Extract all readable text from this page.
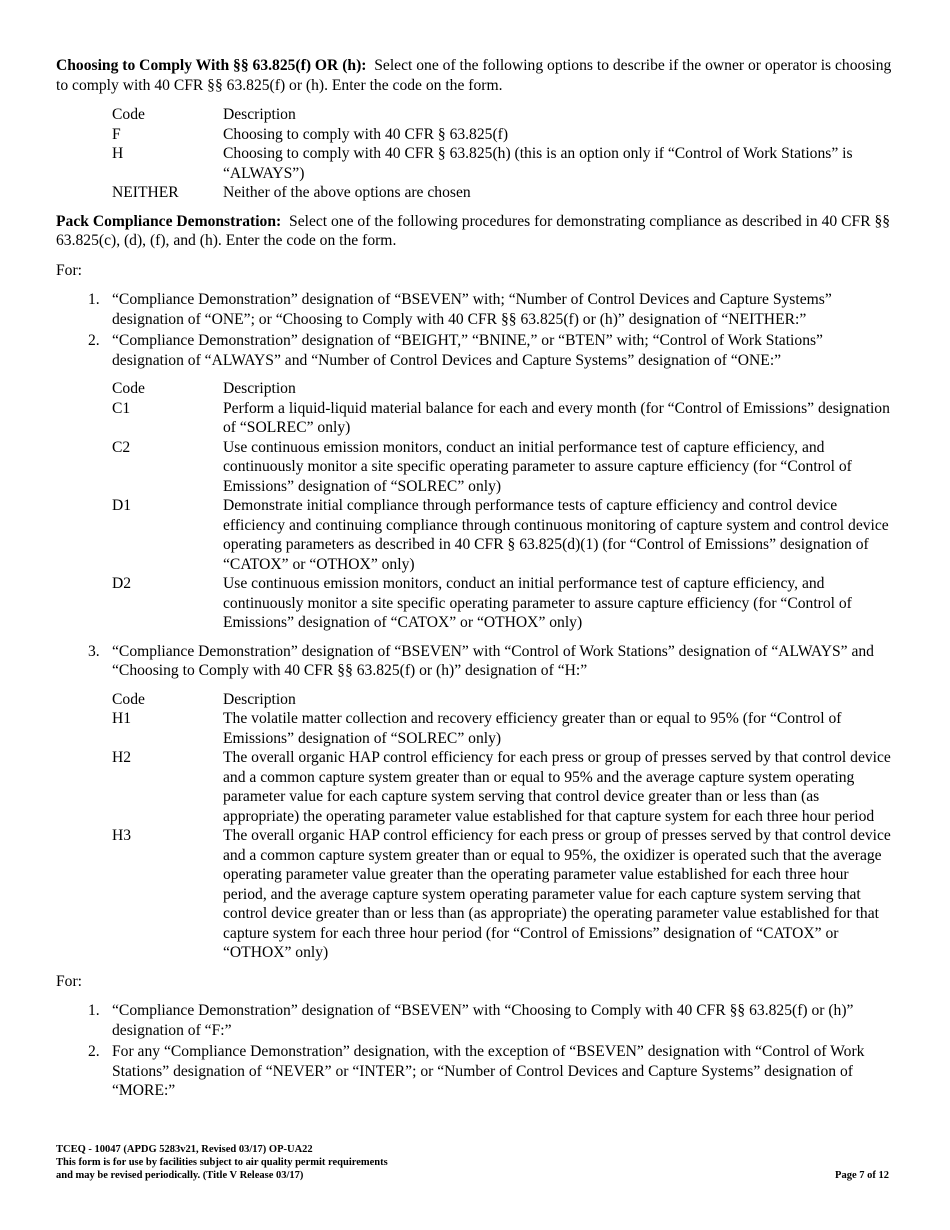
Choosing to Comply With §§ 63.825(f) OR (h): Select one of the following options to describe if the owner or operator is choosing to comply with 40 CFR §§ 63.825(f) or (h). Enter the code on the form.

Code	Description
F	Choosing to comply with 40 CFR § 63.825(f)
H	Choosing to comply with 40 CFR § 63.825(h) (this is an option only if “Control of Work Stations” is “ALWAYS”)
NEITHER	Neither of the above options are chosen

Pack Compliance Demonstration: Select one of the following procedures for demonstrating compliance as described in 40 CFR §§ 63.825(c), (d), (f), and (h). Enter the code on the form.

For:

1. “Compliance Demonstration” designation of “BSEVEN” with; “Number of Control Devices and Capture Systems” designation of “ONE”; or “Choosing to Comply with 40 CFR §§ 63.825(f) or (h)” designation of “NEITHER:”
2. “Compliance Demonstration” designation of “BEIGHT,” “BNINE,” or “BTEN” with; “Control of Work Stations” designation of “ALWAYS” and “Number of Control Devices and Capture Systems” designation of “ONE:”
Code	Description
C1	Perform a liquid-liquid material balance for each and every month (for “Control of Emissions” designation of “SOLREC” only)
C2	Use continuous emission monitors, conduct an initial performance test of capture efficiency, and continuously monitor a site specific operating parameter to assure capture efficiency (for “Control of Emissions” designation of “SOLREC” only)
D1	Demonstrate initial compliance through performance tests of capture efficiency and control device efficiency and continuing compliance through continuous monitoring of capture system and control device operating parameters as described in 40 CFR § 63.825(d)(1) (for “Control of Emissions” designation of “CATOX” or “OTHOX” only)
D2	Use continuous emission monitors, conduct an initial performance test of capture efficiency, and continuously monitor a site specific operating parameter to assure capture efficiency (for “Control of Emissions” designation of “CATOX” or “OTHOX” only)
3. “Compliance Demonstration” designation of “BSEVEN” with “Control of Work Stations” designation of “ALWAYS” and “Choosing to Comply with 40 CFR §§ 63.825(f) or (h)” designation of “H:”
Code	Description
H1	The volatile matter collection and recovery efficiency greater than or equal to 95% (for “Control of Emissions” designation of “SOLREC” only)
H2	The overall organic HAP control efficiency for each press or group of presses served by that control device and a common capture system greater than or equal to 95% and the average capture system operating parameter value for each capture system serving that control device greater than or less than (as appropriate) the operating parameter value established for that capture system for each three hour period
H3	The overall organic HAP control efficiency for each press or group of presses served by that control device and a common capture system greater than or equal to 95%, the oxidizer is operated such that the average operating parameter value greater than the operating parameter value established for each three hour period, and the average capture system operating parameter value for each capture system serving that control device greater than or less than (as appropriate) the operating parameter value established for that capture system for each three hour period (for “Control of Emissions” designation of “CATOX” or “OTHOX” only)

For:

1. “Compliance Demonstration” designation of “BSEVEN” with “Choosing to Comply with 40 CFR §§ 63.825(f) or (h)” designation of “F:”
2. For any “Compliance Demonstration” designation, with the exception of “BSEVEN” designation with “Control of Work Stations” designation of “NEVER” or “INTER”; or “Number of Control Devices and Capture Systems” designation of “MORE:”
TCEQ - 10047 (APDG 5283v21, Revised 03/17) OP-UA22
This form is for use by facilities subject to air quality permit requirements
and may be revised periodically. (Title V Release 03/17)	Page 7 of 12
